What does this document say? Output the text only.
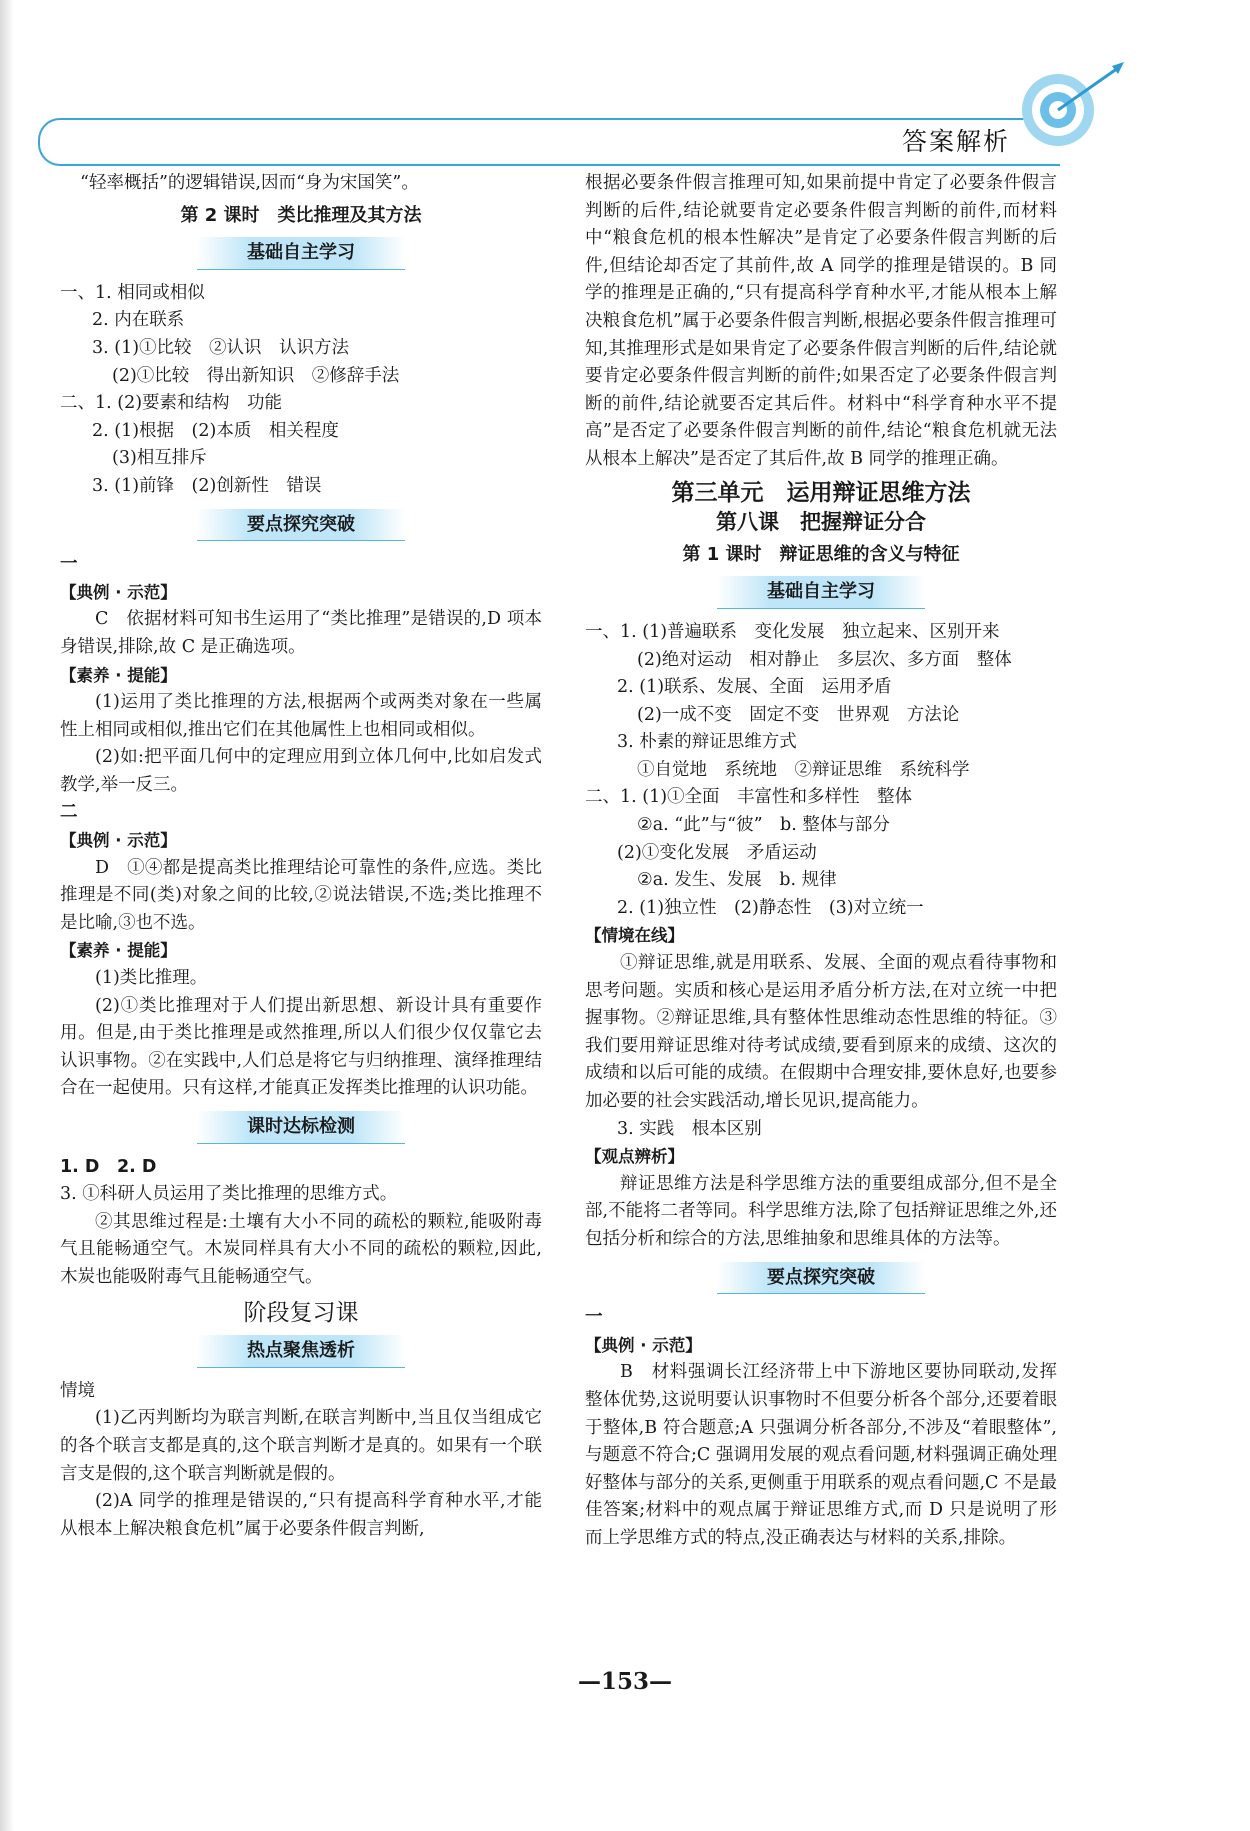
答案解析

“轻率概括”的逻辑错误,因而“身为宋国笑”。

第 2 课时　类比推理及其方法

基础自主学习

一、1. 相同或相似

2. 内在联系

3. (1)①比较　②认识　认识方法

(2)①比较　得出新知识　②修辞手法

二、1. (2)要素和结构　功能

2. (1)根据　(2)本质　相关程度

(3)相互排斥

3. (1)前锋　(2)创新性　错误

要点探究突破

一

【典例 · 示范】

C　依据材料可知书生运用了“类比推理”是错误的,D 项本身错误,排除,故 C 是正确选项。

【素养 · 提能】

(1)运用了类比推理的方法,根据两个或两类对象在一些属性上相同或相似,推出它们在其他属性上也相同或相似。

(2)如:把平面几何中的定理应用到立体几何中,比如启发式教学,举一反三。

二

【典例 · 示范】

D　①④都是提高类比推理结论可靠性的条件,应选。类比推理是不同(类)对象之间的比较,②说法错误,不选;类比推理不是比喻,③也不选。

【素养 · 提能】

(1)类比推理。

(2)①类比推理对于人们提出新思想、新设计具有重要作用。但是,由于类比推理是或然推理,所以人们很少仅仅靠它去认识事物。②在实践中,人们总是将它与归纳推理、演绎推理结合在一起使用。只有这样,才能真正发挥类比推理的认识功能。

课时达标检测

1. D　2. D

3. ①科研人员运用了类比推理的思维方式。

②其思维过程是:土壤有大小不同的疏松的颗粒,能吸附毒气且能畅通空气。木炭同样具有大小不同的疏松的颗粒,因此,木炭也能吸附毒气且能畅通空气。

阶段复习课

热点聚焦透析

情境

(1)乙丙判断均为联言判断,在联言判断中,当且仅当组成它的各个联言支都是真的,这个联言判断才是真的。如果有一个联言支是假的,这个联言判断就是假的。

(2)A 同学的推理是错误的,“只有提高科学育种水平,才能从根本上解决粮食危机”属于必要条件假言判断,

根据必要条件假言推理可知,如果前提中肯定了必要条件假言判断的后件,结论就要肯定必要条件假言判断的前件,而材料中“粮食危机的根本性解决”是肯定了必要条件假言判断的后件,但结论却否定了其前件,故 A 同学的推理是错误的。B 同学的推理是正确的,“只有提高科学育种水平,才能从根本上解决粮食危机”属于必要条件假言判断,根据必要条件假言推理可知,其推理形式是如果肯定了必要条件假言判断的后件,结论就要肯定必要条件假言判断的前件;如果否定了必要条件假言判断的前件,结论就要否定其后件。材料中“科学育种水平不提高”是否定了必要条件假言判断的前件,结论“粮食危机就无法从根本上解决”是否定了其后件,故 B 同学的推理正确。

第三单元　运用辩证思维方法

第八课　把握辩证分合

第 1 课时　辩证思维的含义与特征

基础自主学习

一、1. (1)普遍联系　变化发展　独立起来、区别开来

(2)绝对运动　相对静止　多层次、多方面　整体

2. (1)联系、发展、全面　运用矛盾

(2)一成不变　固定不变　世界观　方法论

3. 朴素的辩证思维方式

①自觉地　系统地　②辩证思维　系统科学

二、1. (1)①全面　丰富性和多样性　整体

②a. “此”与“彼”　b. 整体与部分

(2)①变化发展　矛盾运动

②a. 发生、发展　b. 规律

2. (1)独立性　(2)静态性　(3)对立统一

【情境在线】

①辩证思维,就是用联系、发展、全面的观点看待事物和思考问题。实质和核心是运用矛盾分析方法,在对立统一中把握事物。②辩证思维,具有整体性思维动态性思维的特征。③我们要用辩证思维对待考试成绩,要看到原来的成绩、这次的成绩和以后可能的成绩。在假期中合理安排,要休息好,也要参加必要的社会实践活动,增长见识,提高能力。

3. 实践　根本区别

【观点辨析】

辩证思维方法是科学思维方法的重要组成部分,但不是全部,不能将二者等同。科学思维方法,除了包括辩证思维之外,还包括分析和综合的方法,思维抽象和思维具体的方法等。

要点探究突破

一

【典例 · 示范】

B　材料强调长江经济带上中下游地区要协同联动,发挥整体优势,这说明要认识事物时不但要分析各个部分,还要着眼于整体,B 符合题意;A 只强调分析各部分,不涉及“着眼整体”,与题意不符合;C 强调用发展的观点看问题,材料强调正确处理好整体与部分的关系,更侧重于用联系的观点看问题,C 不是最佳答案;材料中的观点属于辩证思维方式,而 D 只是说明了形而上学思维方式的特点,没正确表达与材料的关系,排除。

—153—
